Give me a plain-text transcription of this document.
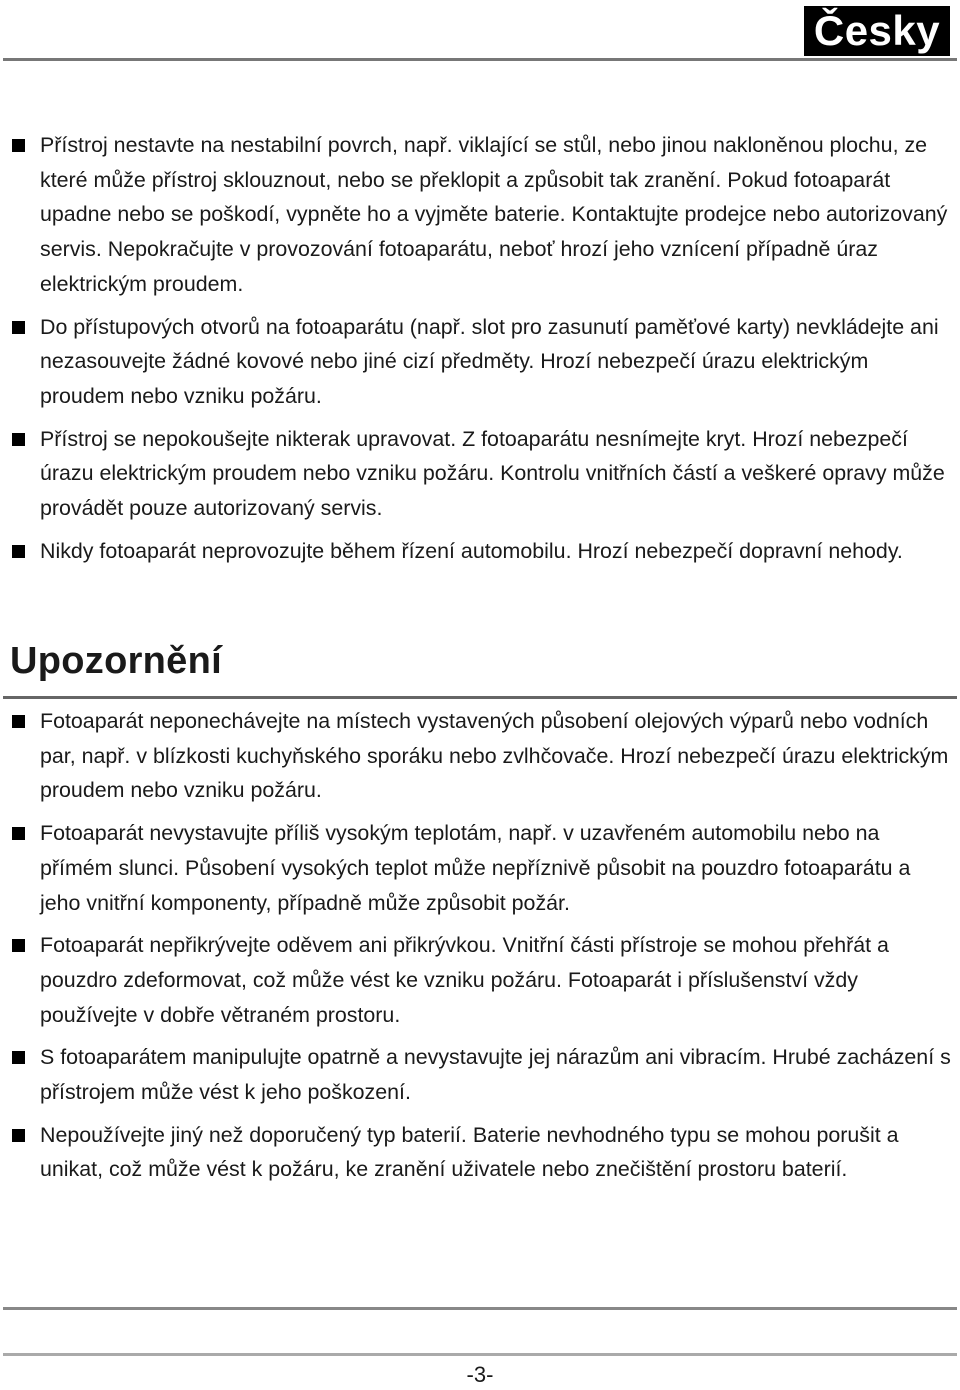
Česky
Přístroj nestavte na nestabilní povrch, např. viklající se stůl, nebo jinou nakloněnou plochu, ze které může přístroj sklouznout, nebo se překlopit a způsobit tak zranění. Pokud fotoaparát upadne nebo se poškodí, vypněte ho a vyjměte baterie. Kontaktujte prodejce nebo autorizovaný servis. Nepokračujte v provozování fotoaparátu, neboť hrozí jeho vznícení případně úraz elektrickým proudem.
Do přístupových otvorů na fotoaparátu (např. slot pro zasunutí paměťové karty) nevkládejte ani nezasouvejte žádné kovové nebo jiné cizí předměty. Hrozí nebezpečí úrazu elektrickým proudem nebo vzniku požáru.
Přístroj se nepokoušejte nikterak upravovat. Z fotoaparátu nesnímejte kryt. Hrozí nebezpečí úrazu elektrickým proudem nebo vzniku požáru. Kontrolu vnitřních částí a veškeré opravy může provádět pouze autorizovaný servis.
Nikdy fotoaparát neprovozujte během řízení automobilu. Hrozí nebezpečí dopravní nehody.
Upozornění
Fotoaparát neponechávejte na místech vystavených působení olejových výparů nebo vodních par, např. v blízkosti kuchyňského sporáku nebo zvlhčovače. Hrozí nebezpečí úrazu elektrickým proudem nebo vzniku požáru.
Fotoaparát nevystavujte příliš vysokým teplotám, např. v uzavřeném automobilu nebo na přímém slunci. Působení vysokých teplot může nepříznivě působit na pouzdro fotoaparátu a jeho vnitřní komponenty, případně může způsobit požár.
Fotoaparát nepřikrývejte oděvem ani přikrývkou. Vnitřní části přístroje se mohou přehřát a pouzdro zdeformovat, což může vést ke vzniku požáru. Fotoaparát i příslušenství vždy používejte v dobře větraném prostoru.
S fotoaparátem manipulujte opatrně a nevystavujte jej nárazům ani vibracím. Hrubé zacházení s přístrojem může vést k jeho poškození.
Nepoužívejte jiný než doporučený typ baterií. Baterie nevhodného typu se mohou porušit a unikat, což může vést k požáru, ke zranění uživatele nebo znečištění prostoru baterií.
-3-
